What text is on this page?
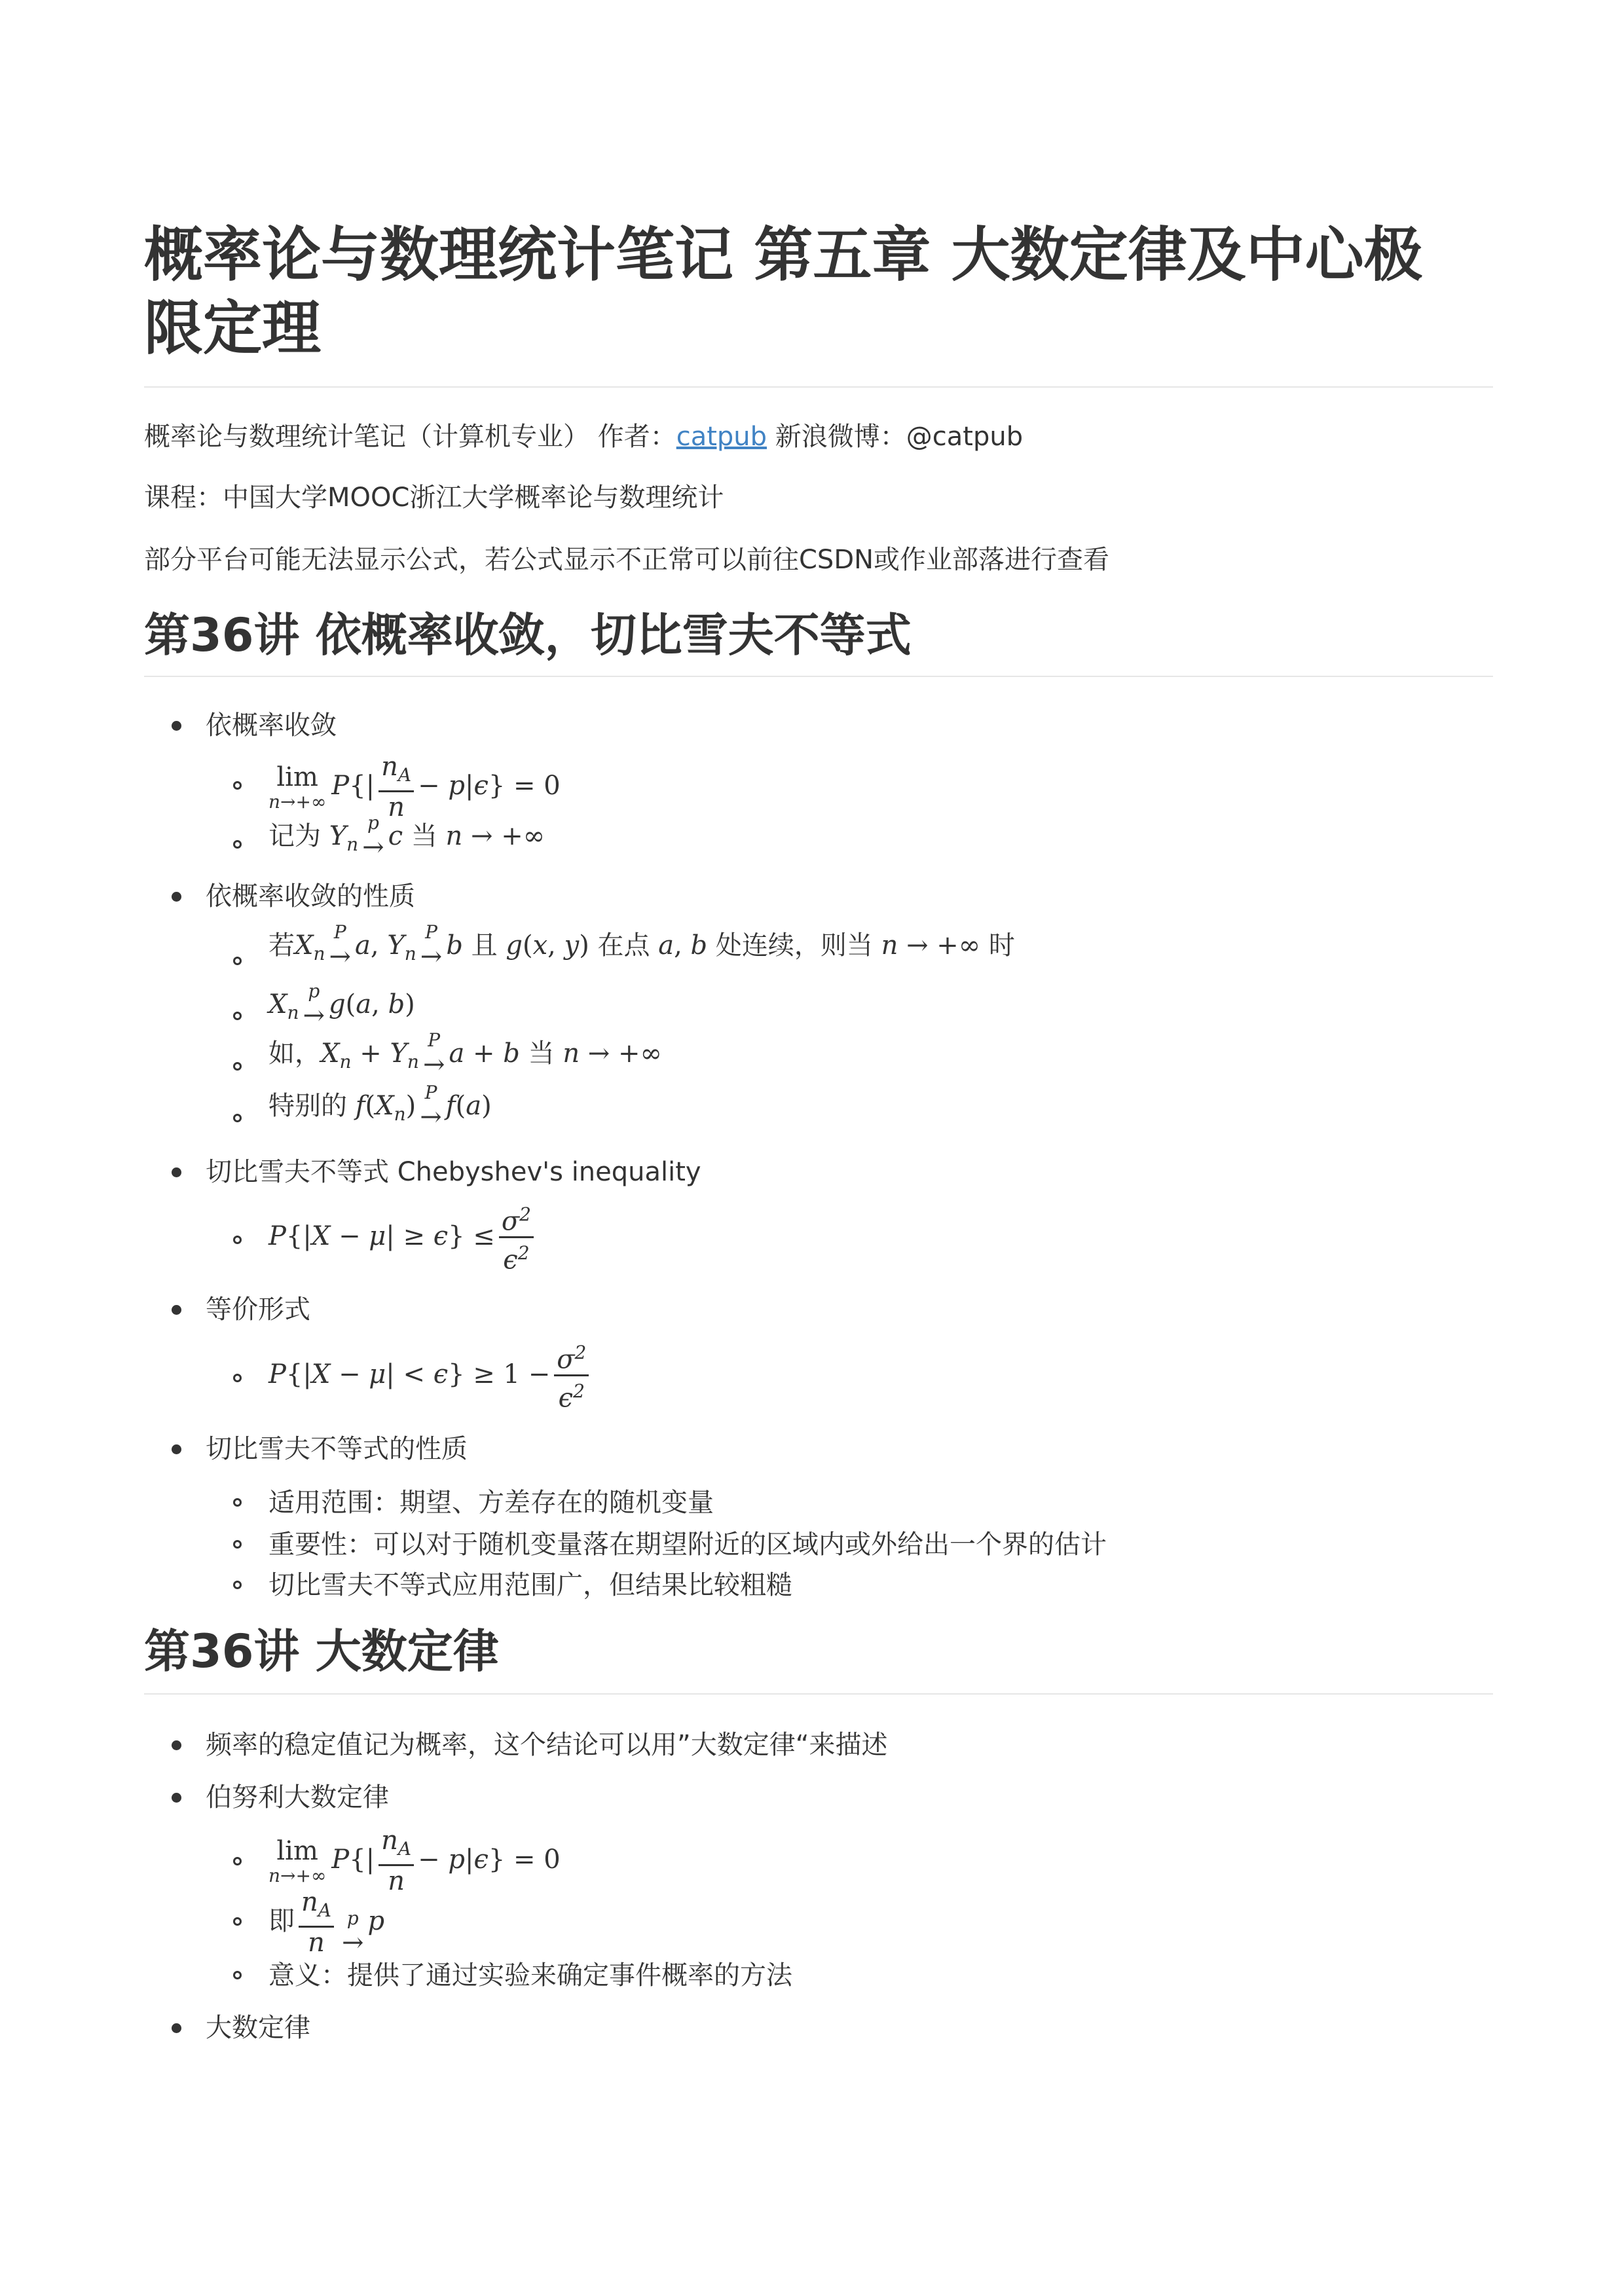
概率论与数理统计笔记 第五章 大数定律及中心极
限定理
概率论与数理统计笔记（计算机专业） 作者：catpub 新浪微博：@catpub
课程：中国大学MOOC浙江大学概率论与数理统计
部分平台可能无法显示公式，若公式显示不正常可以前往CSDN或作业部落进行查看
第36讲 依概率收敛，切比雪夫不等式
依概率收敛
lim
n→+∞
$P\{| \frac{n_A}{n} - p|\epsilon\} = 0$
记为 $Y_n$
p
→ c 当 n → +∞
依概率收敛的性质
若$X_n$
P
→ a, $Y_n$
P
→ b 且 g(x, y) 在点 a, b 处连续，则当 n → +∞ 时
$X_n$
p
→ g(a, b)
如，$X_n + Y_n$
P
→ a + b 当 n → +∞
特别的 $f(X_n)$ P
→ f(a)
切比雪夫不等式 Chebyshev's inequality
$P\{|X - \mu| \ge \epsilon\} \le \frac{\sigma^2}{\epsilon^2}$
等价形式
$P\{|X - \mu| < \epsilon\} \ge 1 - \frac{\sigma^2}{\epsilon^2}$
切比雪夫不等式的性质
适用范围：期望、方差存在的随机变量
重要性：可以对于随机变量落在期望附近的区域内或外给出一个界的估计
切比雪夫不等式应用范围广，但结果比较粗糙
第36讲 大数定律
频率的稳定值记为概率，这个结论可以用”大数定律“来描述
伯努利大数定律
lim
n→+∞
$P\{| \frac{n_A}{n} - p|\epsilon\} = 0$
即 $\frac{n_A}{n}$ p
→
p
意义：提供了通过实验来确定事件概率的方法
大数定律
